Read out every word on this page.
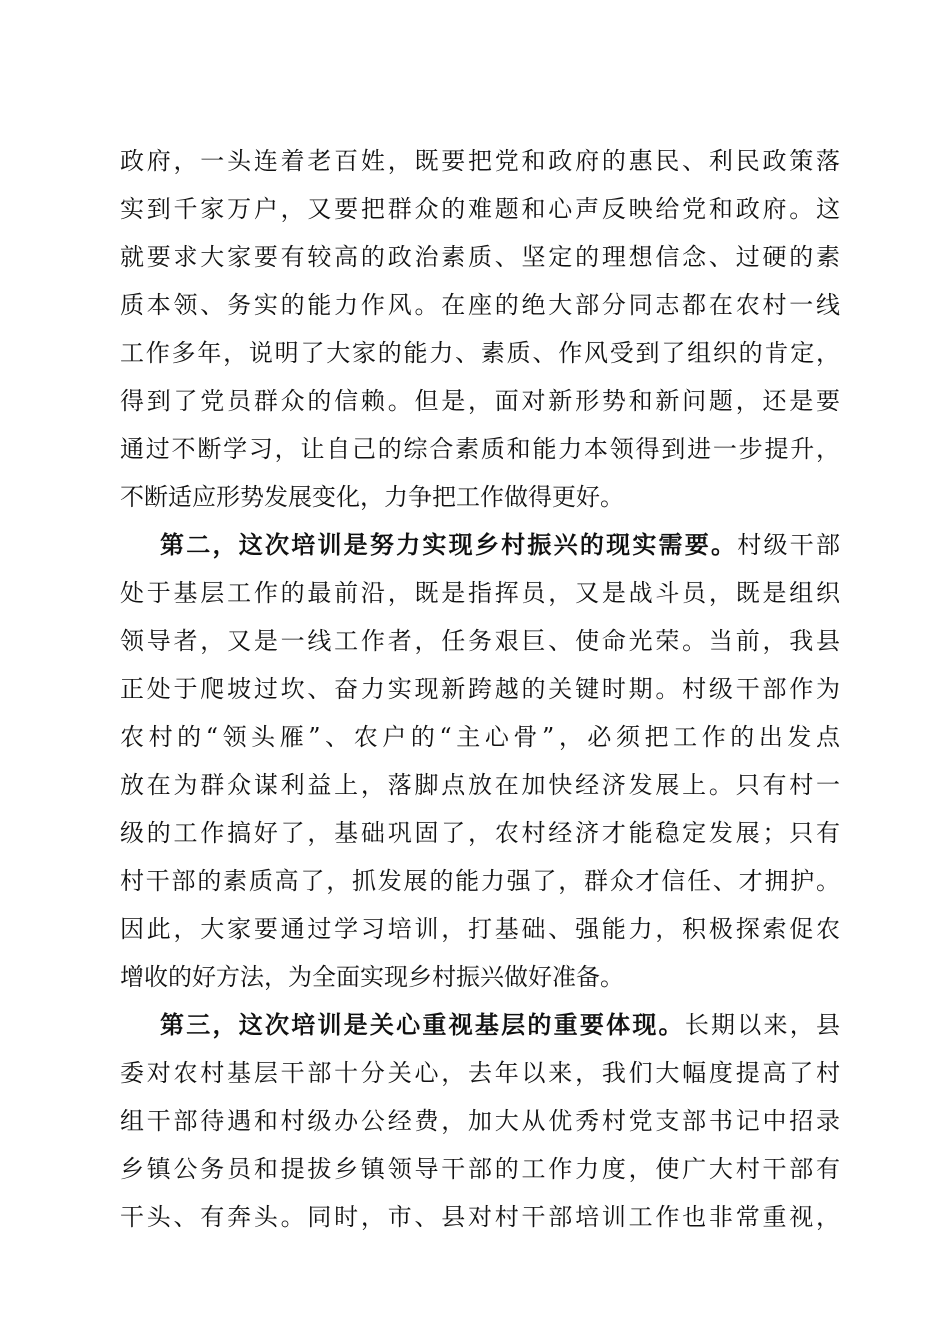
政府，一头连着老百姓，既要把党和政府的惠民、利民政策落
实到千家万户，又要把群众的难题和心声反映给党和政府。这
就要求大家要有较高的政治素质、坚定的理想信念、过硬的素
质本领、务实的能力作风。在座的绝大部分同志都在农村一线
工作多年，说明了大家的能力、素质、作风受到了组织的肯定，
得到了党员群众的信赖。但是，面对新形势和新问题，还是要
通过不断学习，让自己的综合素质和能力本领得到进一步提升，
不断适应形势发展变化，力争把工作做得更好。
第二，这次培训是努力实现乡村振兴的现实需要。村级干部
处于基层工作的最前沿，既是指挥员，又是战斗员，既是组织
领导者，又是一线工作者，任务艰巨、使命光荣。当前，我县
正处于爬坡过坎、奋力实现新跨越的关键时期。村级干部作为
农村的“领头雁”、农户的“主心骨”，必须把工作的出发点
放在为群众谋利益上，落脚点放在加快经济发展上。只有村一
级的工作搞好了，基础巩固了，农村经济才能稳定发展；只有
村干部的素质高了，抓发展的能力强了，群众才信任、才拥护。
因此，大家要通过学习培训，打基础、强能力，积极探索促农
增收的好方法，为全面实现乡村振兴做好准备。
第三，这次培训是关心重视基层的重要体现。长期以来，县
委对农村基层干部十分关心，去年以来，我们大幅度提高了村
组干部待遇和村级办公经费，加大从优秀村党支部书记中招录
乡镇公务员和提拔乡镇领导干部的工作力度，使广大村干部有
干头、有奔头。同时，市、县对村干部培训工作也非常重视，
